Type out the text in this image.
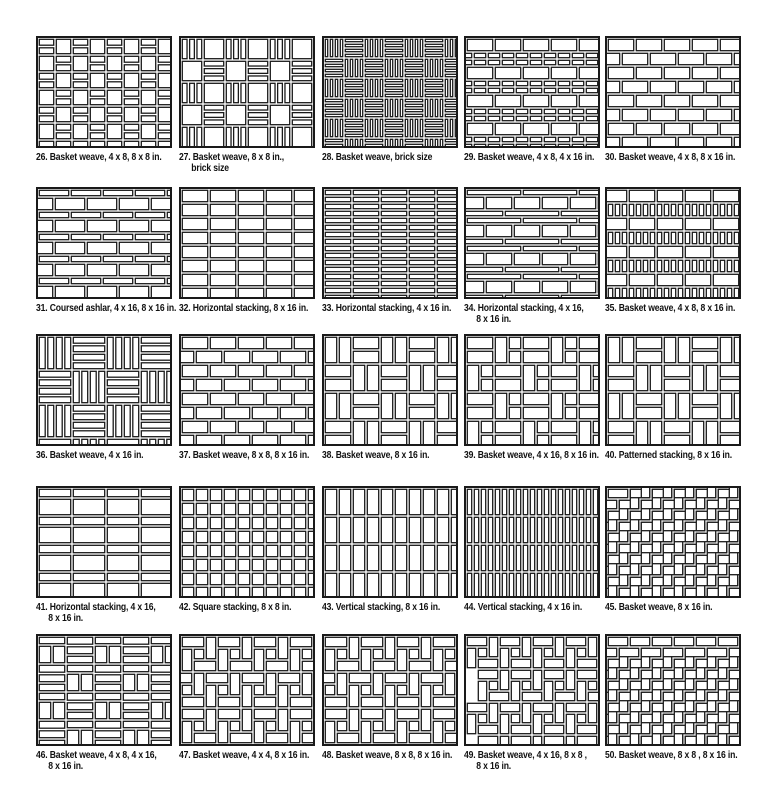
26. Basket weave, 4 x 8, 8 x 8 in.
31. Coursed ashlar, 4 x 16, 8 x 16 in.
36. Basket weave, 4 x 16 in.
41. Horizontal stacking, 4 x 16,
8 x 16 in.
46. Basket weave, 4 x 8, 4 x 16,
8 x 16 in.
27. Basket weave, 8 x 8 in.,
brick size
32. Horizontal stacking, 8 x 16 in.
37. Basket weave, 8 x 8, 8 x 16 in.
42. Square stacking, 8 x 8 in.
47. Basket weave, 4 x 4, 8 x 16 in.
28. Basket weave, brick size
33. Horizontal stacking, 4 x 16 in.
38. Basket weave, 8 x 16 in.
43. Vertical stacking, 8 x 16 in.
48. Basket weave, 8 x 8, 8 x 16 in.
29. Basket weave, 4 x 8, 4 x 16 in.
34. Horizontal stacking, 4 x 16,
8 x 16 in.
39. Basket weave, 4 x 16, 8 x 16 in.
44. Vertical stacking, 4 x 16 in.
49. Basket weave, 4 x 16, 8 x 8 ,
8 x 16 in.
30. Basket weave, 4 x 8, 8 x 16 in.
35. Basket weave, 4 x 8, 8 x 16 in.
40. Patterned stacking, 8 x 16 in.
45. Basket weave, 8 x 16 in.
50. Basket weave, 8 x 8 , 8 x 16 in.
